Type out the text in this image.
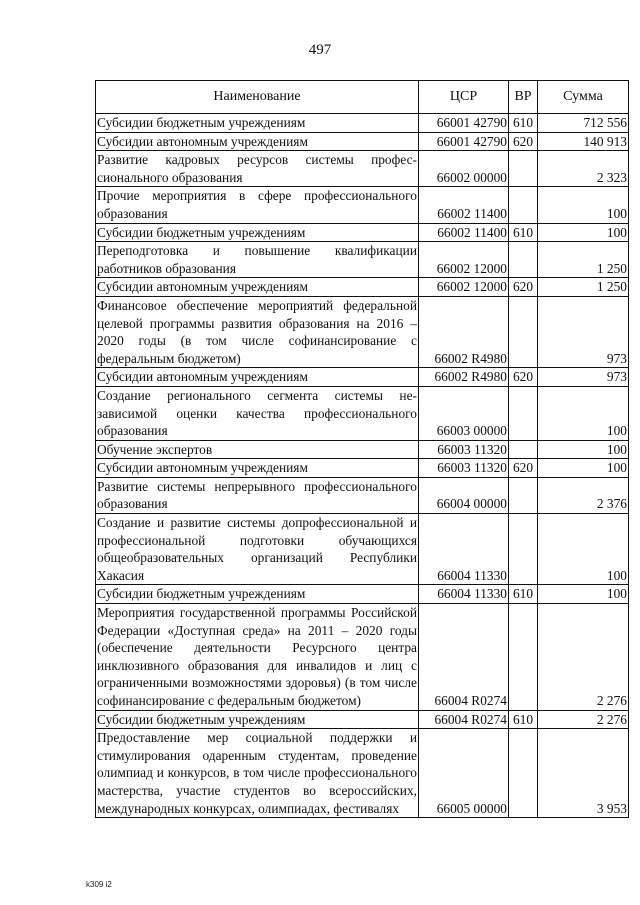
497
Наименование	ЦСР	ВР	Сумма
Субсидии бюджетным учреждениям	66001 42790	610	712 556
Субсидии автономным учреждениям	66001 42790	620	140 913
Развитие кадровых ресурсов системы профессионального образования	66002 00000		2 323
Прочие мероприятия в сфере профессионального образования	66002 11400		100
Субсидии бюджетным учреждениям	66002 11400	610	100
Переподготовка и повышение квалификации работников образования	66002 12000		1 250
Субсидии автономным учреждениям	66002 12000	620	1 250
Финансовое обеспечение мероприятий федеральной целевой программы развития образования на 2016 – 2020 годы (в том числе софинансирование с федеральным бюджетом)	66002 R4980		973
Субсидии автономным учреждениям	66002 R4980	620	973
Создание регионального сегмента системы независимой оценки качества профессионального образования	66003 00000		100
Обучение экспертов	66003 11320		100
Субсидии автономным учреждениям	66003 11320	620	100
Развитие системы непрерывного профессионального образования	66004 00000		2 376
Создание и развитие системы допрофессиональной и профессиональной подготовки обучающихся общеобразовательных организаций Республики Хакасия	66004 11330		100
Субсидии бюджетным учреждениям	66004 11330	610	100
Мероприятия государственной программы Российской Федерации «Доступная среда» на 2011 – 2020 годы (обеспечение деятельности Ресурсного центра инклюзивного образования для инвалидов и лиц с ограниченными возможностями здоровья) (в том числе софинансирование с федеральным бюджетом)	66004 R0274		2 276
Субсидии бюджетным учреждениям	66004 R0274	610	2 276
Предоставление мер социальной поддержки и стимулирования одаренным студентам, проведение олимпиад и конкурсов, в том числе профессионального мастерства, участие студентов во всероссийских, международных конкурсах, олимпиадах, фестивалях	66005 00000		3 953
k309 i2
